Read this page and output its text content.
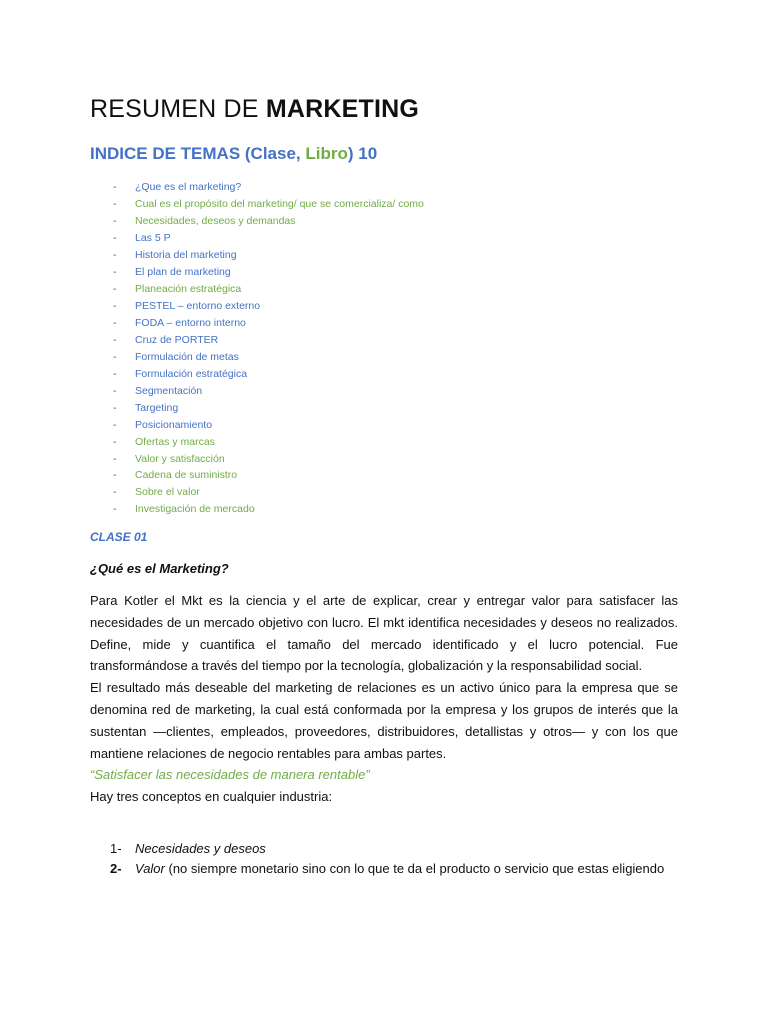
RESUMEN DE MARKETING
INDICE DE TEMAS (Clase, Libro) 10
- ¿Que es el marketing?
- Cual es el propósito del marketing/ que se comercializa/ como
- Necesidades, deseos y demandas
- Las 5 P
- Historia del marketing
- El plan de marketing
- Planeación estratégica
- PESTEL – entorno externo
- FODA – entorno interno
- Cruz de PORTER
- Formulación de metas
- Formulación estratégica
- Segmentación
- Targeting
- Posicionamiento
- Ofertas y marcas
- Valor y satisfacción
- Cadena de suministro
- Sobre el valor
- Investigación de mercado
CLASE 01
¿Qué es el Marketing?

Para Kotler el Mkt es la ciencia y el arte de explicar, crear y entregar valor para satisfacer las necesidades de un mercado objetivo con lucro. El mkt identifica necesidades y deseos no realizados. Define, mide y cuantifica el tamaño del mercado identificado y el lucro potencial. Fue transformándose a través del tiempo por la tecnología, globalización y la responsabilidad social.

El resultado más deseable del marketing de relaciones es un activo único para la empresa que se denomina red de marketing, la cual está conformada por la empresa y los grupos de interés que la sustentan —clientes, empleados, proveedores, distribuidores, detallistas y otros— y con los que mantiene relaciones de negocio rentables para ambas partes.

“Satisfacer las necesidades de manera rentable”

Hay tres conceptos en cualquier industria:

1-	Necesidades y deseos
2-	Valor (no siempre monetario sino con lo que te da el producto o servicio que estas eligiendo
